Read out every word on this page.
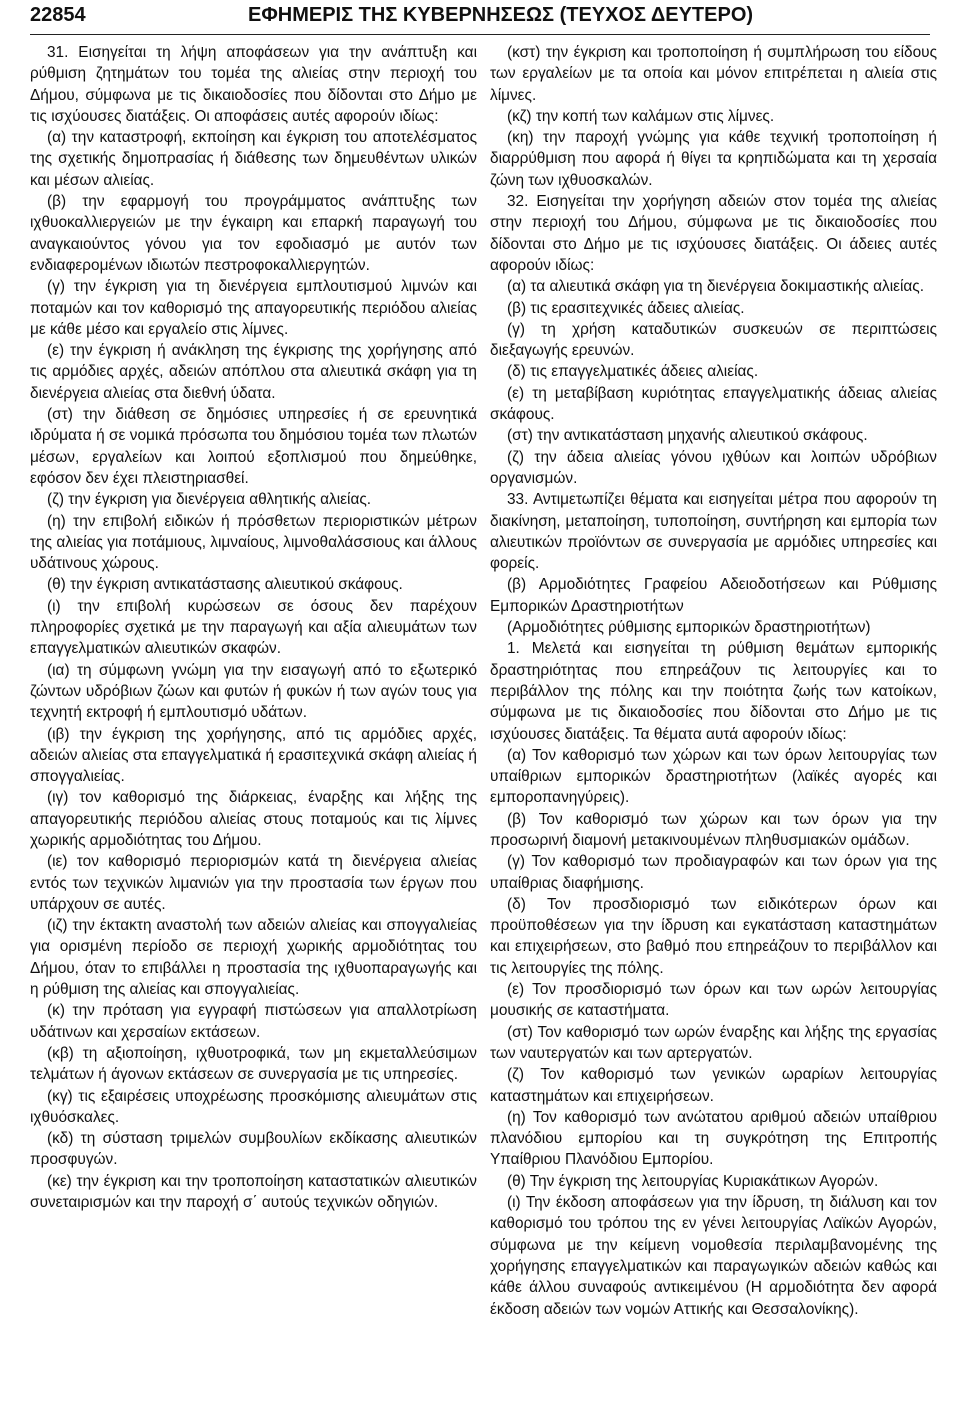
22854	ΕΦΗΜΕΡΙΣ ΤΗΣ ΚΥΒΕΡΝΗΣΕΩΣ (ΤΕΥΧΟΣ ΔΕΥΤΕΡΟ)

31. Εισηγείται τη λήψη αποφάσεων για την ανάπτυξη και ρύθμιση ζητημάτων του τομέα της αλιείας στην περιοχή του Δήμου, σύμφωνα με τις δικαιοδοσίες που δίδονται στο Δήμο με τις ισχύουσες διατάξεις. Οι αποφάσεις αυτές αφορούν ιδίως:

(α) την καταστροφή, εκποίηση και έγκριση του αποτελέσματος της σχετικής δημοπρασίας ή διάθεσης των δημευθέντων υλικών και μέσων αλιείας.

(β) την εφαρμογή του προγράμματος ανάπτυξης των ιχθυοκαλλιεργειών με την έγκαιρη και επαρκή παραγωγή του αναγκαιούντος γόνου για τον εφοδιασμό με αυτόν των ενδιαφερομένων ιδιωτών πεστροφοκαλλιεργητών.

(γ) την έγκριση για τη διενέργεια εμπλουτισμού λιμνών και ποταμών και τον καθορισμό της απαγορευτικής περιόδου αλιείας με κάθε μέσο και εργαλείο στις λίμνες.

(ε) την έγκριση ή ανάκληση της έγκρισης της χορήγησης από τις αρμόδιες αρχές, αδειών απόπλου στα αλιευτικά σκάφη για τη διενέργεια αλιείας στα διεθνή ύδατα.

(στ) την διάθεση σε δημόσιες υπηρεσίες ή σε ερευνητικά ιδρύματα ή σε νομικά πρόσωπα του δημόσιου τομέα των πλωτών μέσων, εργαλείων και λοιπού εξοπλισμού που δημεύθηκε, εφόσον δεν έχει πλειστηριασθεί.

(ζ) την έγκριση για διενέργεια αθλητικής αλιείας.

(η) την επιβολή ειδικών ή πρόσθετων περιοριστικών μέτρων της αλιείας για ποτάμιους, λιμναίους, λιμνοθαλάσσιους και άλλους υδάτινους χώρους.

(θ) την έγκριση αντικατάστασης αλιευτικού σκάφους.

(ι) την επιβολή κυρώσεων σε όσους δεν παρέχουν πληροφορίες σχετικά με την παραγωγή και αξία αλιευμάτων των επαγγελματικών αλιευτικών σκαφών.

(ια) τη σύμφωνη γνώμη για την εισαγωγή από το εξωτερικό ζώντων υδρόβιων ζώων και φυτών ή φυκών ή των αγών τους για τεχνητή εκτροφή ή εμπλουτισμό υδάτων.

(ιβ) την έγκριση της χορήγησης, από τις αρμόδιες αρχές, αδειών αλιείας στα επαγγελματικά ή ερασιτεχνικά σκάφη αλιείας ή σπογγαλιείας.

(ιγ) τον καθορισμό της διάρκειας, έναρξης και λήξης της απαγορευτικής περιόδου αλιείας στους ποταμούς και τις λίμνες χωρικής αρμοδιότητας του Δήμου.

(ιε) τον καθορισμό περιορισμών κατά τη διενέργεια αλιείας εντός των τεχνικών λιμανιών για την προστασία των έργων που υπάρχουν σε αυτές.

(ιζ) την έκτακτη αναστολή των αδειών αλιείας και σπογγαλιείας για ορισμένη περίοδο σε περιοχή χωρικής αρμοδιότητας του Δήμου, όταν το επιβάλλει η προστασία της ιχθυοπαραγωγής και η ρύθμιση της αλιείας και σπογγαλιείας.

(κ) την πρόταση για εγγραφή πιστώσεων για απαλλοτρίωση υδάτινων και χερσαίων εκτάσεων.

(κβ) τη αξιοποίηση, ιχθυοτροφικά, των μη εκμεταλλεύσιμων τελμάτων ή άγονων εκτάσεων σε συνεργασία με τις υπηρεσίες.

(κγ) τις εξαιρέσεις υποχρέωσης προσκόμισης αλιευμάτων στις ιχθυόσκαλες.

(κδ) τη σύσταση τριμελών συμβουλίων εκδίκασης αλιευτικών προσφυγών.

(κε) την έγκριση και την τροποποίηση καταστατικών αλιευτικών συνεταιρισμών και την παροχή σ΄ αυτούς τεχνικών οδηγιών.

(κστ) την έγκριση και τροποποίηση ή συμπλήρωση του είδους των εργαλείων με τα οποία και μόνον επιτρέπεται η αλιεία στις λίμνες.

(κζ) την κοπή των καλάμων στις λίμνες.

(κη) την παροχή γνώμης για κάθε τεχνική τροποποίηση ή διαρρύθμιση που αφορά ή θίγει τα κρηπιδώματα και τη χερσαία ζώνη των ιχθυοσκαλών.

32. Εισηγείται την χορήγηση αδειών στον τομέα της αλιείας στην περιοχή του Δήμου, σύμφωνα με τις δικαιοδοσίες που δίδονται στο Δήμο με τις ισχύουσες διατάξεις. Οι άδειες αυτές αφορούν ιδίως:

(α) τα αλιευτικά σκάφη για τη διενέργεια δοκιμαστικής αλιείας.

(β) τις ερασιτεχνικές άδειες αλιείας.

(γ) τη χρήση καταδυτικών συσκευών σε περιπτώσεις διεξαγωγής ερευνών.

(δ) τις επαγγελματικές άδειες αλιείας.

(ε) τη μεταβίβαση κυριότητας επαγγελματικής άδειας αλιείας σκάφους.

(στ) την αντικατάσταση μηχανής αλιευτικού σκάφους.

(ζ) την άδεια αλιείας γόνου ιχθύων και λοιπών υδρόβιων οργανισμών.

33. Αντιμετωπίζει θέματα και εισηγείται μέτρα που αφορούν τη διακίνηση, μεταποίηση, τυποποίηση, συντήρηση και εμπορία των αλιευτικών προϊόντων σε συνεργασία με αρμόδιες υπηρεσίες και φορείς.

(β) Αρμοδιότητες Γραφείου Αδειοδοτήσεων και Ρύθμισης Εμπορικών Δραστηριοτήτων

(Αρμοδιότητες ρύθμισης εμπορικών δραστηριοτήτων)

1. Μελετά και εισηγείται τη ρύθμιση θεμάτων εμπορικής δραστηριότητας που επηρεάζουν τις λειτουργίες και το περιβάλλον της πόλης και την ποιότητα ζωής των κατοίκων, σύμφωνα με τις δικαιοδοσίες που δίδονται στο Δήμο με τις ισχύουσες διατάξεις. Τα θέματα αυτά αφορούν ιδίως:

(α) Τον καθορισμό των χώρων και των όρων λειτουργίας των υπαίθριων εμπορικών δραστηριοτήτων (λαϊκές αγορές και εμποροπανηγύρεις).

(β) Τον καθορισμό των χώρων και των όρων για την προσωρινή διαμονή μετακινουμένων πληθυσμιακών ομάδων.

(γ) Τον καθορισμό των προδιαγραφών και των όρων για της υπαίθριας διαφήμισης.

(δ) Τον προσδιορισμό των ειδικότερων όρων και προϋποθέσεων για την ίδρυση και εγκατάσταση καταστημάτων και επιχειρήσεων, στο βαθμό που επηρεάζουν το περιβάλλον και τις λειτουργίες της πόλης.

(ε) Τον προσδιορισμό των όρων και των ωρών λειτουργίας μουσικής σε καταστήματα.

(στ) Τον καθορισμό των ωρών έναρξης και λήξης της εργασίας των ναυτεργατών και των αρτεργατών.

(ζ) Τον καθορισμό των γενικών ωραρίων λειτουργίας καταστημάτων και επιχειρήσεων.

(η) Τον καθορισμό των ανώτατου αριθμού αδειών υπαίθριου πλανόδιου εμπορίου και τη συγκρότηση της Επιτροπής Υπαίθριου Πλανόδιου Εμπορίου.

(θ) Την έγκριση της λειτουργίας Κυριακάτικων Αγορών.

(ι) Την έκδοση αποφάσεων για την ίδρυση, τη διάλυση και τον καθορισμό του τρόπου της εν γένει λειτουργίας Λαϊκών Αγορών, σύμφωνα με την κείμενη νομοθεσία περιλαμβανομένης της χορήγησης επαγγελματικών και παραγωγικών αδειών καθώς και κάθε άλλου συναφούς αντικειμένου (Η αρμοδιότητα δεν αφορά έκδοση αδειών των νομών Αττικής και Θεσσαλονίκης).
